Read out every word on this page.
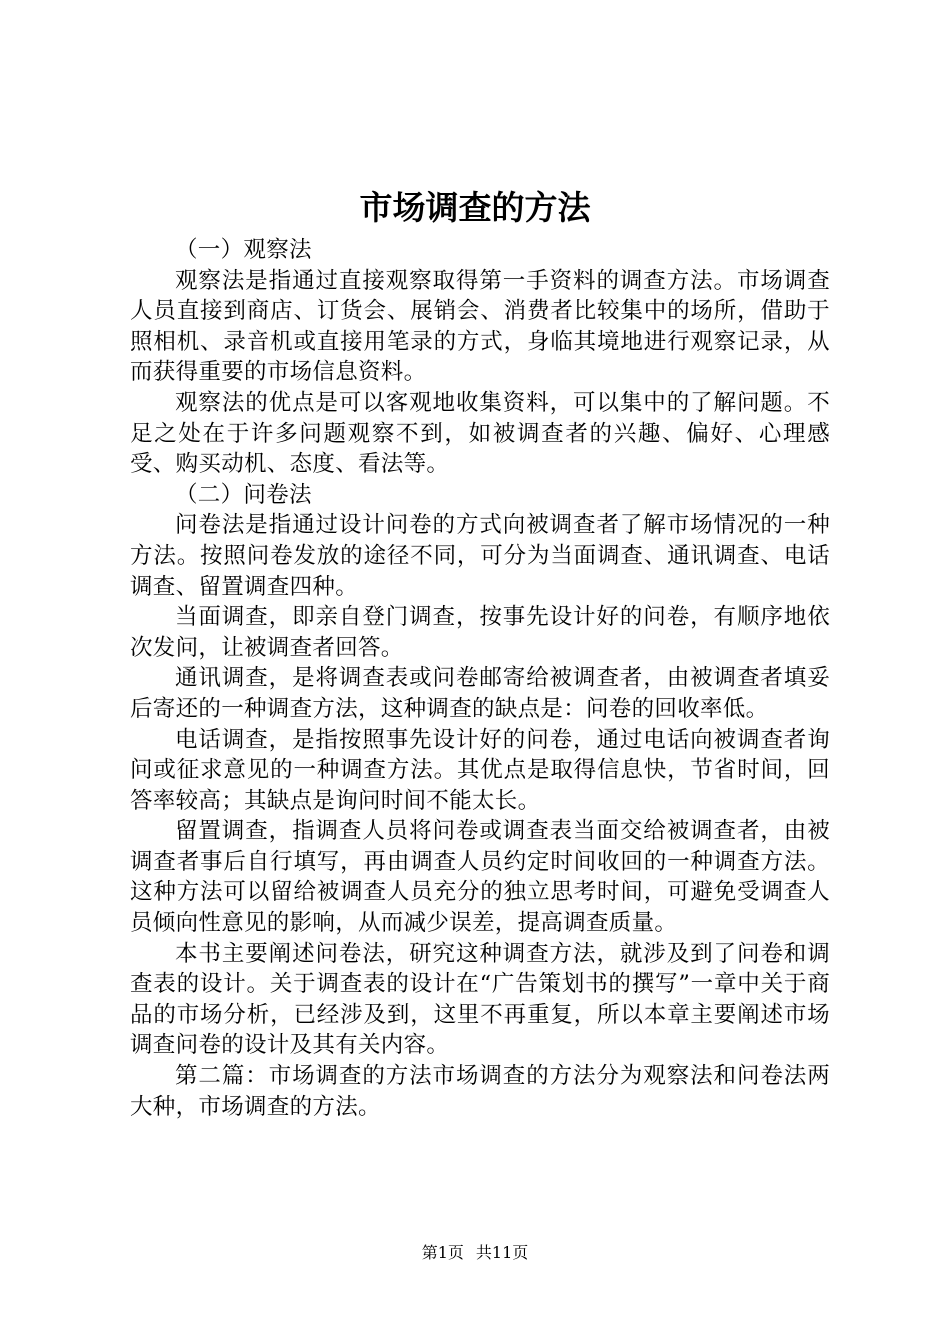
市场调查的方法

（一）观察法

观察法是指通过直接观察取得第一手资料的调查方法。市场调查人员直接到商店、订货会、展销会、消费者比较集中的场所，借助于照相机、录音机或直接用笔录的方式，身临其境地进行观察记录，从而获得重要的市场信息资料。

观察法的优点是可以客观地收集资料，可以集中的了解问题。不足之处在于许多问题观察不到，如被调查者的兴趣、偏好、心理感受、购买动机、态度、看法等。

（二）问卷法

问卷法是指通过设计问卷的方式向被调查者了解市场情况的一种方法。按照问卷发放的途径不同，可分为当面调查、通讯调查、电话调查、留置调查四种。

当面调查，即亲自登门调查，按事先设计好的问卷，有顺序地依次发问，让被调查者回答。

通讯调查，是将调查表或问卷邮寄给被调查者，由被调查者填妥后寄还的一种调查方法，这种调查的缺点是：问卷的回收率低。

电话调查，是指按照事先设计好的问卷，通过电话向被调查者询问或征求意见的一种调查方法。其优点是取得信息快，节省时间，回答率较高；其缺点是询问时间不能太长。

留置调查，指调查人员将问卷或调查表当面交给被调查者，由被调查者事后自行填写，再由调查人员约定时间收回的一种调查方法。这种方法可以留给被调查人员充分的独立思考时间，可避免受调查人员倾向性意见的影响，从而减少误差，提高调查质量。

本书主要阐述问卷法，研究这种调查方法，就涉及到了问卷和调查表的设计。关于调查表的设计在“广告策划书的撰写”一章中关于商品的市场分析，已经涉及到，这里不再重复，所以本章主要阐述市场调查问卷的设计及其有关内容。

第二篇：市场调查的方法市场调查的方法分为观察法和问卷法两大种，市场调查的方法。

第1页 共11页
